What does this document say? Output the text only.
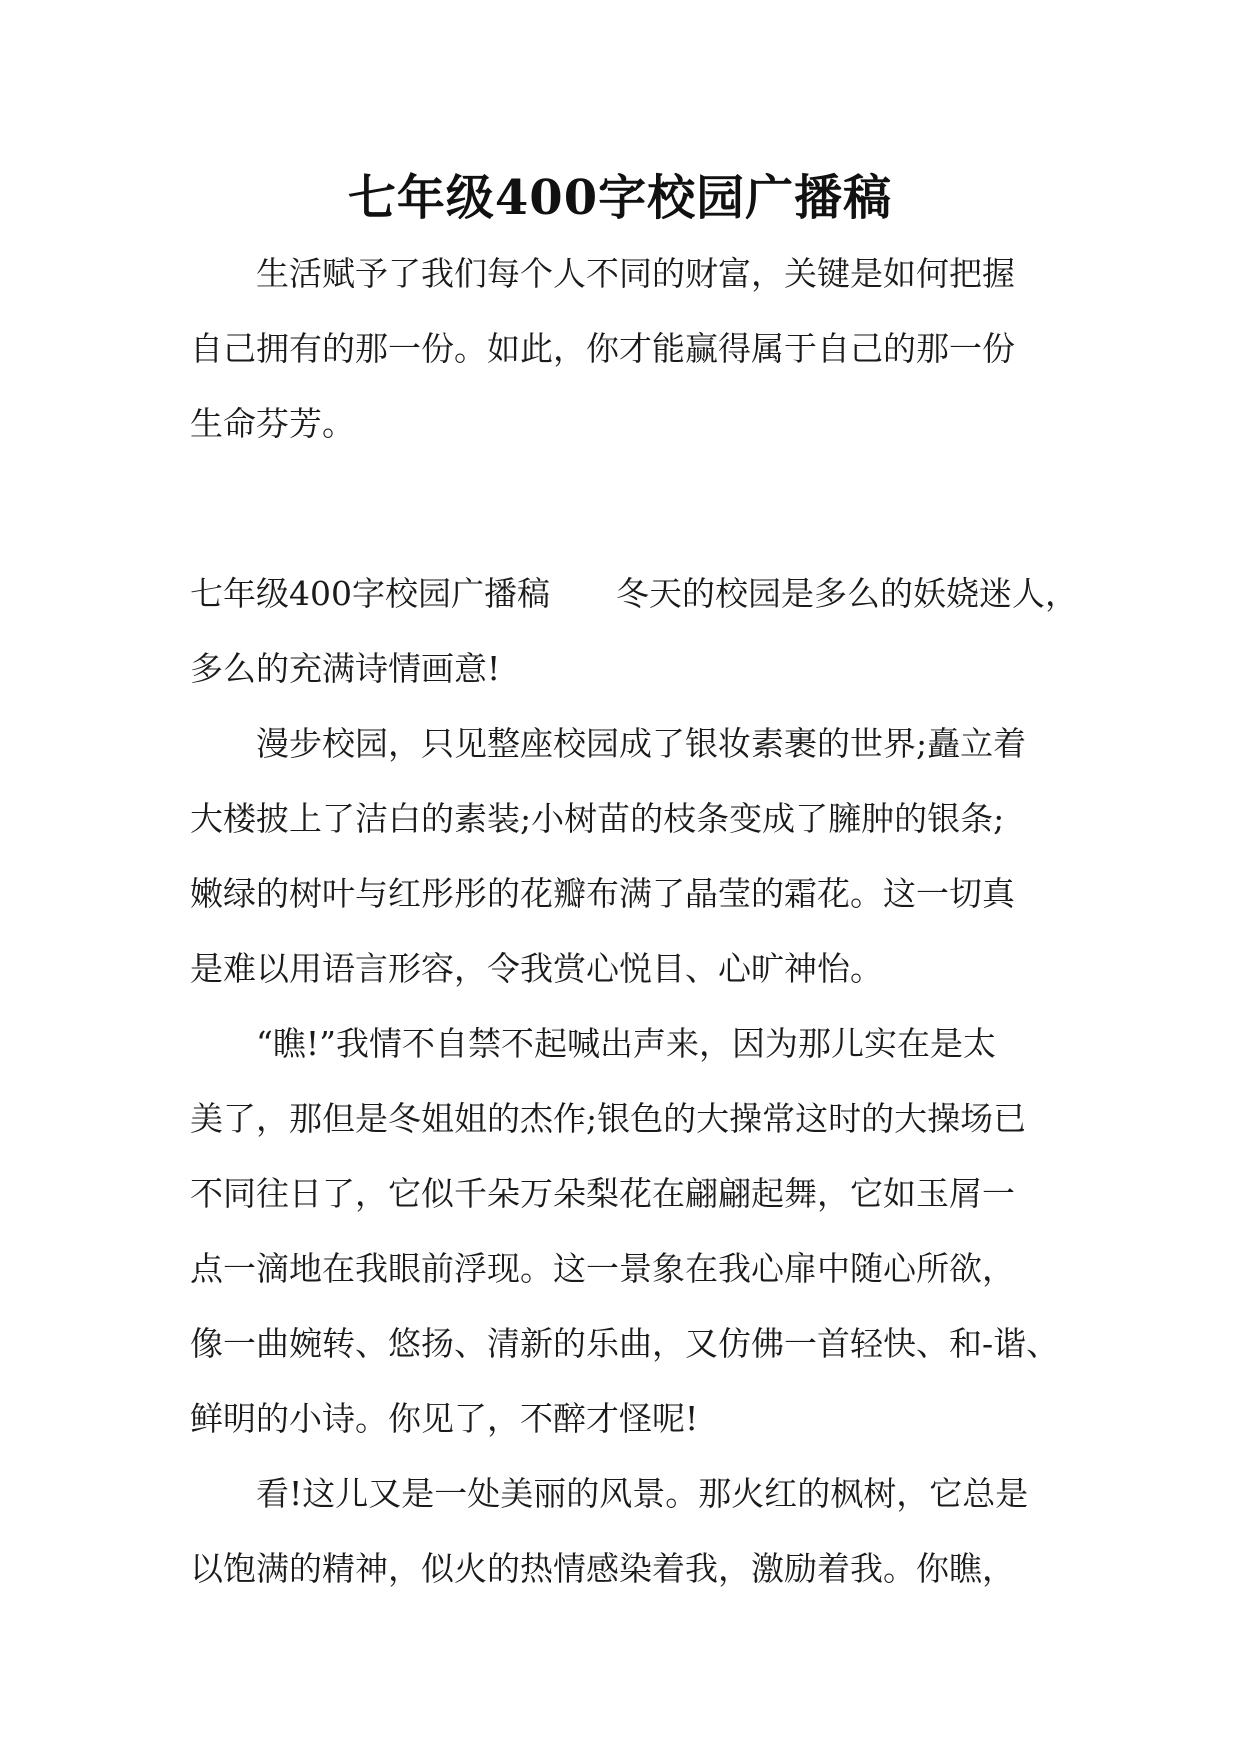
七年级400字校园广播稿
生活赋予了我们每个人不同的财富，关键是如何把握
自己拥有的那一份。如此，你才能赢得属于自己的那一份
生命芬芳。
七年级400字校园广播稿 冬天的校园是多么的妖娆迷人，
多么的充满诗情画意!
漫步校园，只见整座校园成了银妆素裹的世界;矗立着
大楼披上了洁白的素装;小树苗的枝条变成了臃肿的银条;
嫩绿的树叶与红彤彤的花瓣布满了晶莹的霜花。这一切真
是难以用语言形容，令我赏心悦目、心旷神怡。
“瞧!”我情不自禁不起喊出声来，因为那儿实在是太
美了，那但是冬姐姐的杰作;银色的大操常这时的大操场已
不同往日了，它似千朵万朵梨花在翩翩起舞，它如玉屑一
点一滴地在我眼前浮现。这一景象在我心扉中随心所欲，
像一曲婉转、悠扬、清新的乐曲，又仿佛一首轻快、和-谐、
鲜明的小诗。你见了，不醉才怪呢!
看!这儿又是一处美丽的风景。那火红的枫树，它总是
以饱满的精神，似火的热情感染着我，激励着我。你瞧，
